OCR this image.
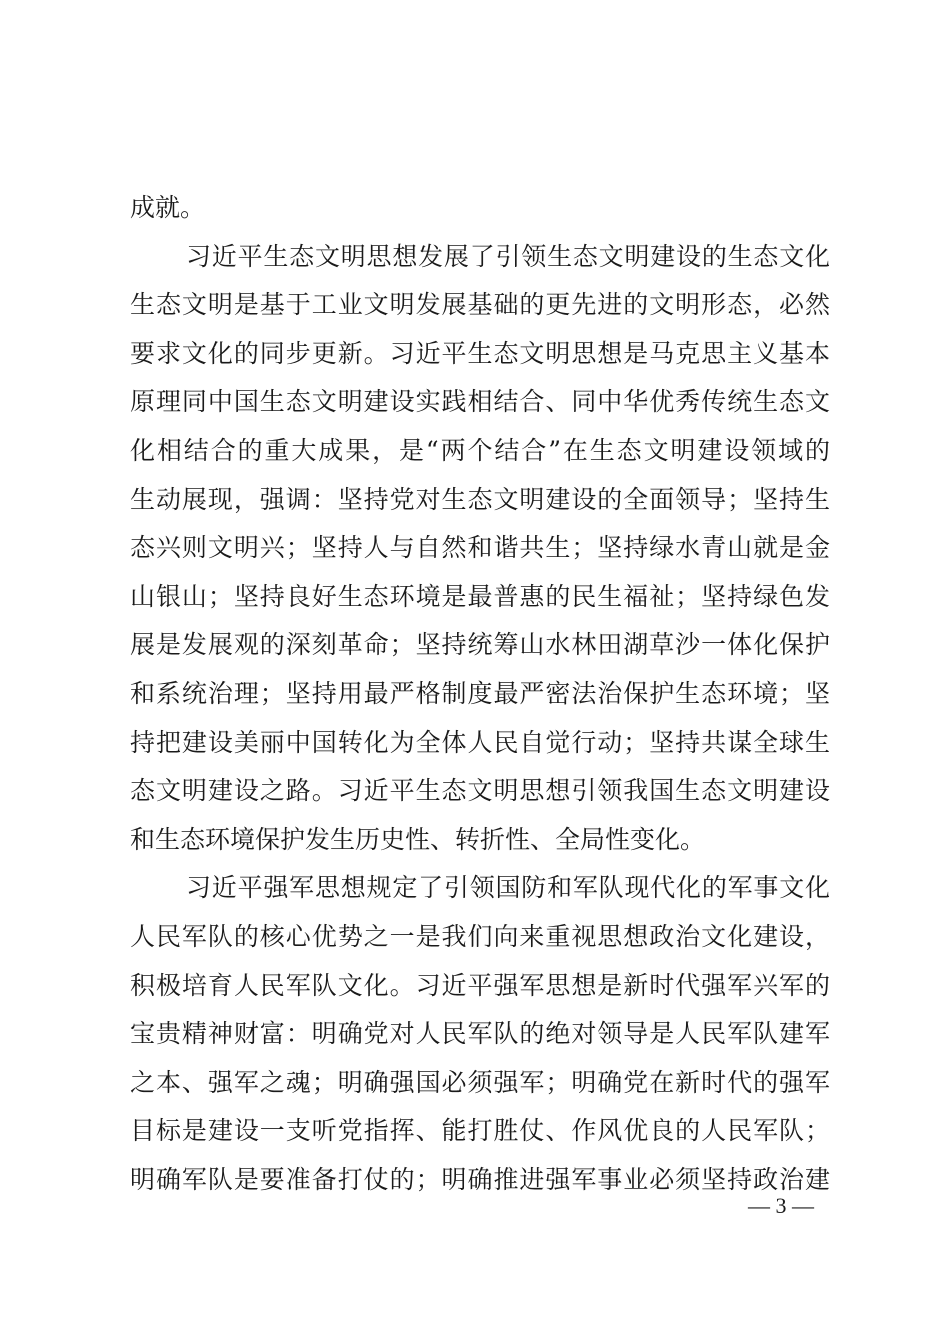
成就。
习近平生态文明思想发展了引领生态文明建设的生态文化
生态文明是基于工业文明发展基础的更先进的文明形态，必然
要求文化的同步更新。习近平生态文明思想是马克思主义基本
原理同中国生态文明建设实践相结合、同中华优秀传统生态文
化相结合的重大成果，是“两个结合”在生态文明建设领域的
生动展现，强调：坚持党对生态文明建设的全面领导；坚持生
态兴则文明兴；坚持人与自然和谐共生；坚持绿水青山就是金
山银山；坚持良好生态环境是最普惠的民生福祉；坚持绿色发
展是发展观的深刻革命；坚持统筹山水林田湖草沙一体化保护
和系统治理；坚持用最严格制度最严密法治保护生态环境；坚
持把建设美丽中国转化为全体人民自觉行动；坚持共谋全球生
态文明建设之路。习近平生态文明思想引领我国生态文明建设
和生态环境保护发生历史性、转折性、全局性变化。
习近平强军思想规定了引领国防和军队现代化的军事文化
人民军队的核心优势之一是我们向来重视思想政治文化建设，
积极培育人民军队文化。习近平强军思想是新时代强军兴军的
宝贵精神财富：明确党对人民军队的绝对领导是人民军队建军
之本、强军之魂；明确强国必须强军；明确党在新时代的强军
目标是建设一支听党指挥、能打胜仗、作风优良的人民军队；
明确军队是要准备打仗的；明确推进强军事业必须坚持政治建
— 3 —
